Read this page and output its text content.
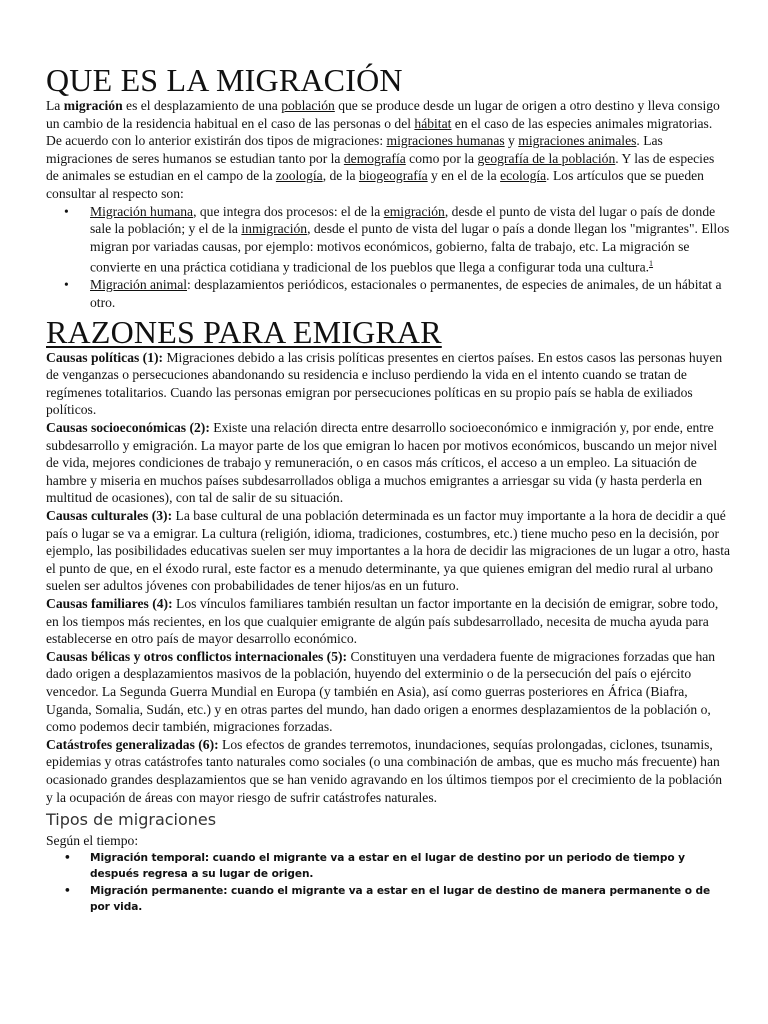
QUE ES LA MIGRACIÓN

La migración es el desplazamiento de una población que se produce desde un lugar de origen a otro destino y lleva consigo un cambio de la residencia habitual en el caso de las personas o del hábitat en el caso de las especies animales migratorias. De acuerdo con lo anterior existirán dos tipos de migraciones: migraciones humanas y migraciones animales. Las migraciones de seres humanos se estudian tanto por la demografía como por la geografía de la población. Y las de especies de animales se estudian en el campo de la zoología, de la biogeografía y en el de la ecología. Los artículos que se pueden consultar al respecto son:

• Migración humana, que integra dos procesos: el de la emigración, desde el punto de vista del lugar o país de donde sale la población; y el de la inmigración, desde el punto de vista del lugar o país a donde llegan los "migrantes". Ellos migran por variadas causas, por ejemplo: motivos económicos, gobierno, falta de trabajo, etc. La migración se convierte en una práctica cotidiana y tradicional de los pueblos que llega a configurar toda una cultura.$^1$
• Migración animal: desplazamientos periódicos, estacionales o permanentes, de especies de animales, de un hábitat a otro.
RAZONES PARA EMIGRAR

Causas políticas (1): Migraciones debido a las crisis políticas presentes en ciertos países. En estos casos las personas huyen de venganzas o persecuciones abandonando su residencia e incluso perdiendo la vida en el intento cuando se tratan de regímenes totalitarios. Cuando las personas emigran por persecuciones políticas en su propio país se habla de exiliados políticos.

Causas socioeconómicas (2): Existe una relación directa entre desarrollo socioeconómico e inmigración y, por ende, entre subdesarrollo y emigración. La mayor parte de los que emigran lo hacen por motivos económicos, buscando un mejor nivel de vida, mejores condiciones de trabajo y remuneración, o en casos más críticos, el acceso a un empleo. La situación de hambre y miseria en muchos países subdesarrollados obliga a muchos emigrantes a arriesgar su vida (y hasta perderla en multitud de ocasiones), con tal de salir de su situación.

Causas culturales (3): La base cultural de una población determinada es un factor muy importante a la hora de decidir a qué país o lugar se va a emigrar. La cultura (religión, idioma, tradiciones, costumbres, etc.) tiene mucho peso en la decisión, por ejemplo, las posibilidades educativas suelen ser muy importantes a la hora de decidir las migraciones de un lugar a otro, hasta el punto de que, en el éxodo rural, este factor es a menudo determinante, ya que quienes emigran del medio rural al urbano suelen ser adultos jóvenes con probabilidades de tener hijos/as en un futuro.

Causas familiares (4): Los vínculos familiares también resultan un factor importante en la decisión de emigrar, sobre todo, en los tiempos más recientes, en los que cualquier emigrante de algún país subdesarrollado, necesita de mucha ayuda para establecerse en otro país de mayor desarrollo económico.

Causas bélicas y otros conflictos internacionales (5): Constituyen una verdadera fuente de migraciones forzadas que han dado origen a desplazamientos masivos de la población, huyendo del exterminio o de la persecución del país o ejército vencedor. La Segunda Guerra Mundial en Europa (y también en Asia), así como guerras posteriores en África (Biafra, Uganda, Somalia, Sudán, etc.) y en otras partes del mundo, han dado origen a enormes desplazamientos de la población o, como podemos decir también, migraciones forzadas.

Catástrofes generalizadas (6): Los efectos de grandes terremotos, inundaciones, sequías prolongadas, ciclones, tsunamis, epidemias y otras catástrofes tanto naturales como sociales (o una combinación de ambas, que es mucho más frecuente) han ocasionado grandes desplazamientos que se han venido agravando en los últimos tiempos por el crecimiento de la población y la ocupación de áreas con mayor riesgo de sufrir catástrofes naturales.

Tipos de migraciones

Según el tiempo:

• Migración temporal: cuando el migrante va a estar en el lugar de destino por un periodo de tiempo y después regresa a su lugar de origen.
• Migración permanente: cuando el migrante va a estar en el lugar de destino de manera permanente o de por vida.
